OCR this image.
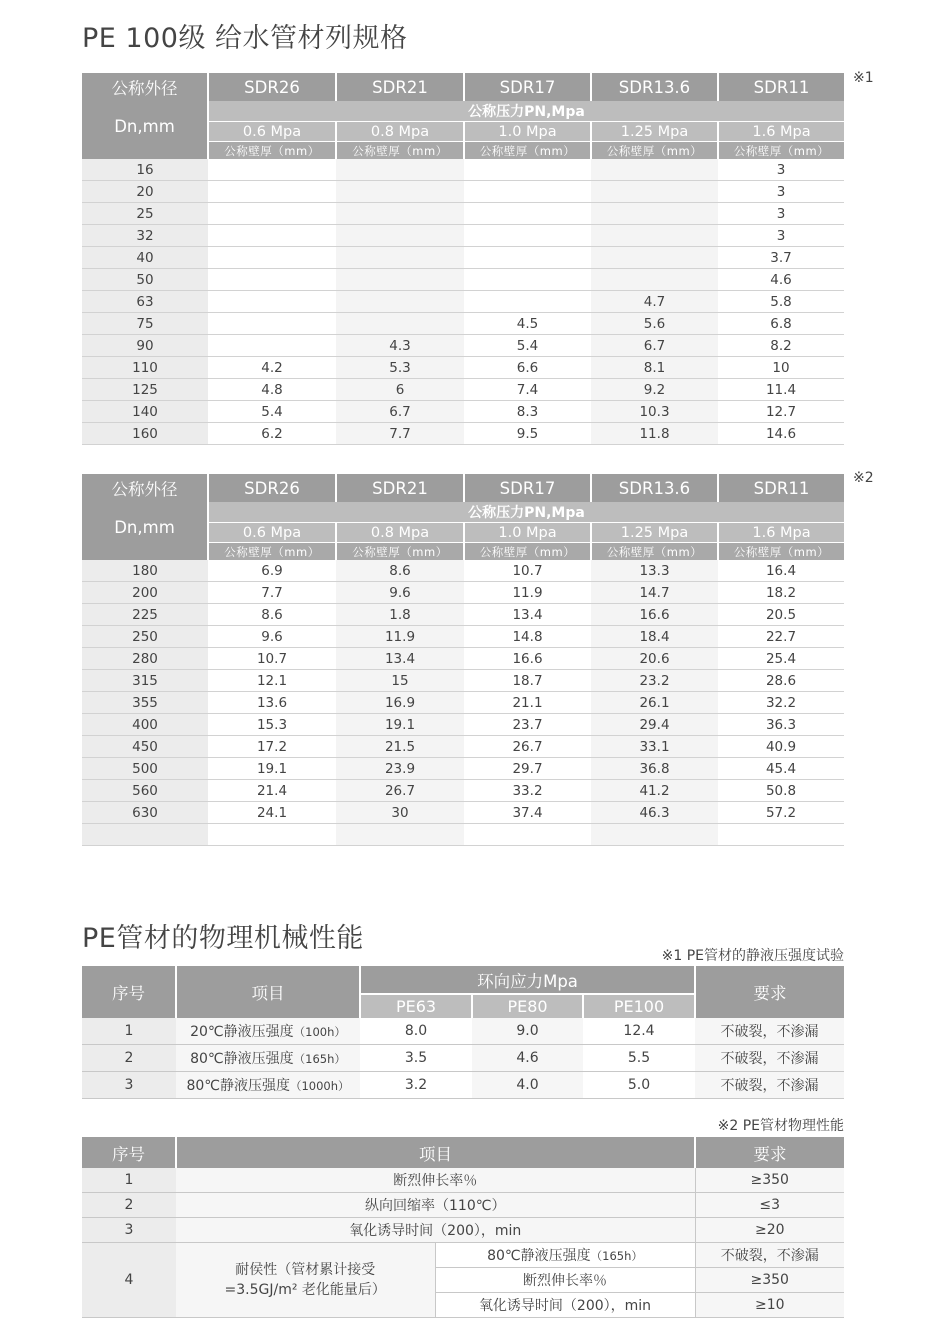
PE 100级 给水管材列规格
※1
公称外径	SDR26	SDR21	SDR17	SDR13.6	SDR11
Dn,mm	公称压力PN,Mpa				
	0.6 Mpa	0.8 Mpa	1.0 Mpa	1.25 Mpa	1.6 Mpa
	公称壁厚（mm）	公称壁厚（mm）	公称壁厚（mm）	公称壁厚（mm）	公称壁厚（mm）
16					3
20					3
25					3
32					3
40					3.7
50					4.6
63				4.7	5.8
75			4.5	5.6	6.8
90		4.3	5.4	6.7	8.2
110	4.2	5.3	6.6	8.1	10
125	4.8	6	7.4	9.2	11.4
140	5.4	6.7	8.3	10.3	12.7
160	6.2	7.7	9.5	11.8	14.6
※2
公称外径	SDR26	SDR21	SDR17	SDR13.6	SDR11
Dn,mm	公称压力PN,Mpa				
	0.6 Mpa	0.8 Mpa	1.0 Mpa	1.25 Mpa	1.6 Mpa
	公称壁厚（mm）	公称壁厚（mm）	公称壁厚（mm）	公称壁厚（mm）	公称壁厚（mm）
180	6.9	8.6	10.7	13.3	16.4
200	7.7	9.6	11.9	14.7	18.2
225	8.6	1.8	13.4	16.6	20.5
250	9.6	11.9	14.8	18.4	22.7
280	10.7	13.4	16.6	20.6	25.4
315	12.1	15	18.7	23.2	28.6
355	13.6	16.9	21.1	26.1	32.2
400	15.3	19.1	23.7	29.4	36.3
450	17.2	21.5	26.7	33.1	40.9
500	19.1	23.9	29.7	36.8	45.4
560	21.4	26.7	33.2	41.2	50.8
630	24.1	30	37.4	46.3	57.2

PE管材的物理机械性能
※1 PE管材的静液压强度试验
序号	项目	环向应力Mpa			要求
		PE63	PE80	PE100	
1	20℃静液压强度（100h）	8.0	9.0	12.4	不破裂，不渗漏
2	80℃静液压强度（165h）	3.5	4.6	5.5	不破裂，不渗漏
3	80℃静液压强度（1000h）	3.2	4.0	5.0	不破裂，不渗漏
※2 PE管材物理性能
序号	项目		要求
1	断烈伸长率％		≥350
2	纵向回缩率（110℃）		≤3
3	氧化诱导时间（200），min		≥20
4	耐侯性（管材累计接受
=3.5GJ/m² 老化能量后）	80℃静液压强度（165h）	不破裂，不渗漏
		断烈伸长率％	≥350
		氧化诱导时间（200），min	≥10
